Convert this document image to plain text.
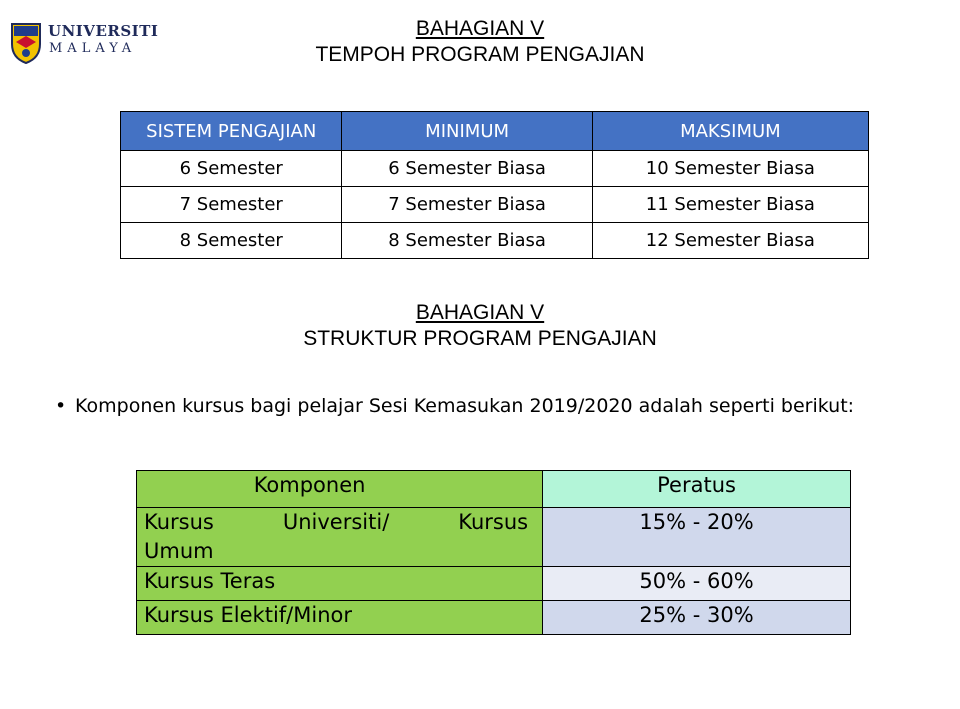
UNIVERSITI
MALAYA
BAHAGIAN V
TEMPOH PROGRAM PENGAJIAN
SISTEM PENGAJIAN	MINIMUM	MAKSIMUM
6 Semester	6 Semester Biasa	10 Semester Biasa
7 Semester	7 Semester Biasa	11 Semester Biasa
8 Semester	8 Semester Biasa	12 Semester Biasa
BAHAGIAN V
STRUKTUR PROGRAM PENGAJIAN
• Komponen kursus bagi pelajar Sesi Kemasukan 2019/2020 adalah seperti berikut:
Komponen	Peratus

Kursus Universiti/ Kursus
Umum	15% - 20%
Kursus Teras	50% - 60%
Kursus Elektif/Minor	25% - 30%
